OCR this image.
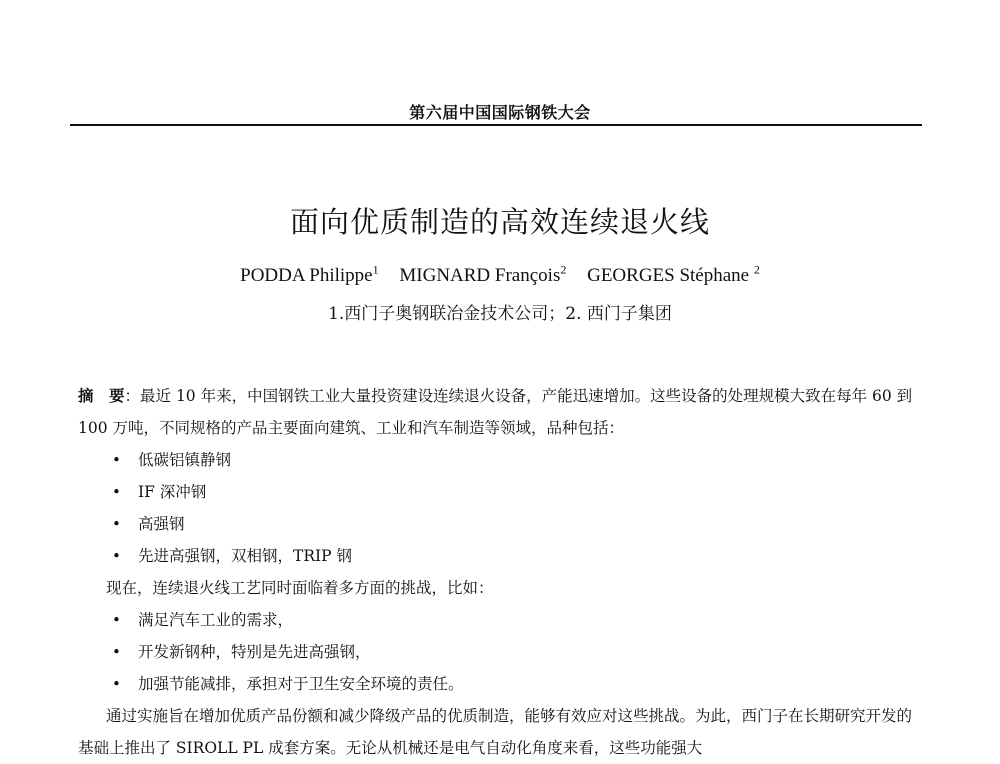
第六届中国国际钢铁大会
面向优质制造的高效连续退火线
PODDA Philippe$^1$ MIGNARD François$^2$ GEORGES Stéphane $^2$
1.西门子奥钢联冶金技术公司；2. 西门子集团

摘　要：最近 10 年来，中国钢铁工业大量投资建设连续退火设备，产能迅速增加。这些设备的处理规模大致在每年 60 到 100 万吨，不同规格的产品主要面向建筑、工业和汽车制造等领域，品种包括：

• 低碳铝镇静钢
• IF 深冲钢
• 高强钢
• 先进高强钢，双相钢，TRIP 钢

现在，连续退火线工艺同时面临着多方面的挑战，比如：

• 满足汽车工业的需求，
• 开发新钢种，特别是先进高强钢，
• 加强节能减排，承担对于卫生安全环境的责任。

通过实施旨在增加优质产品份额和减少降级产品的优质制造，能够有效应对这些挑战。为此，西门子在长期研究开发的基础上推出了 SIROLL PL 成套方案。无论从机械还是电气自动化角度来看，这些功能强大
